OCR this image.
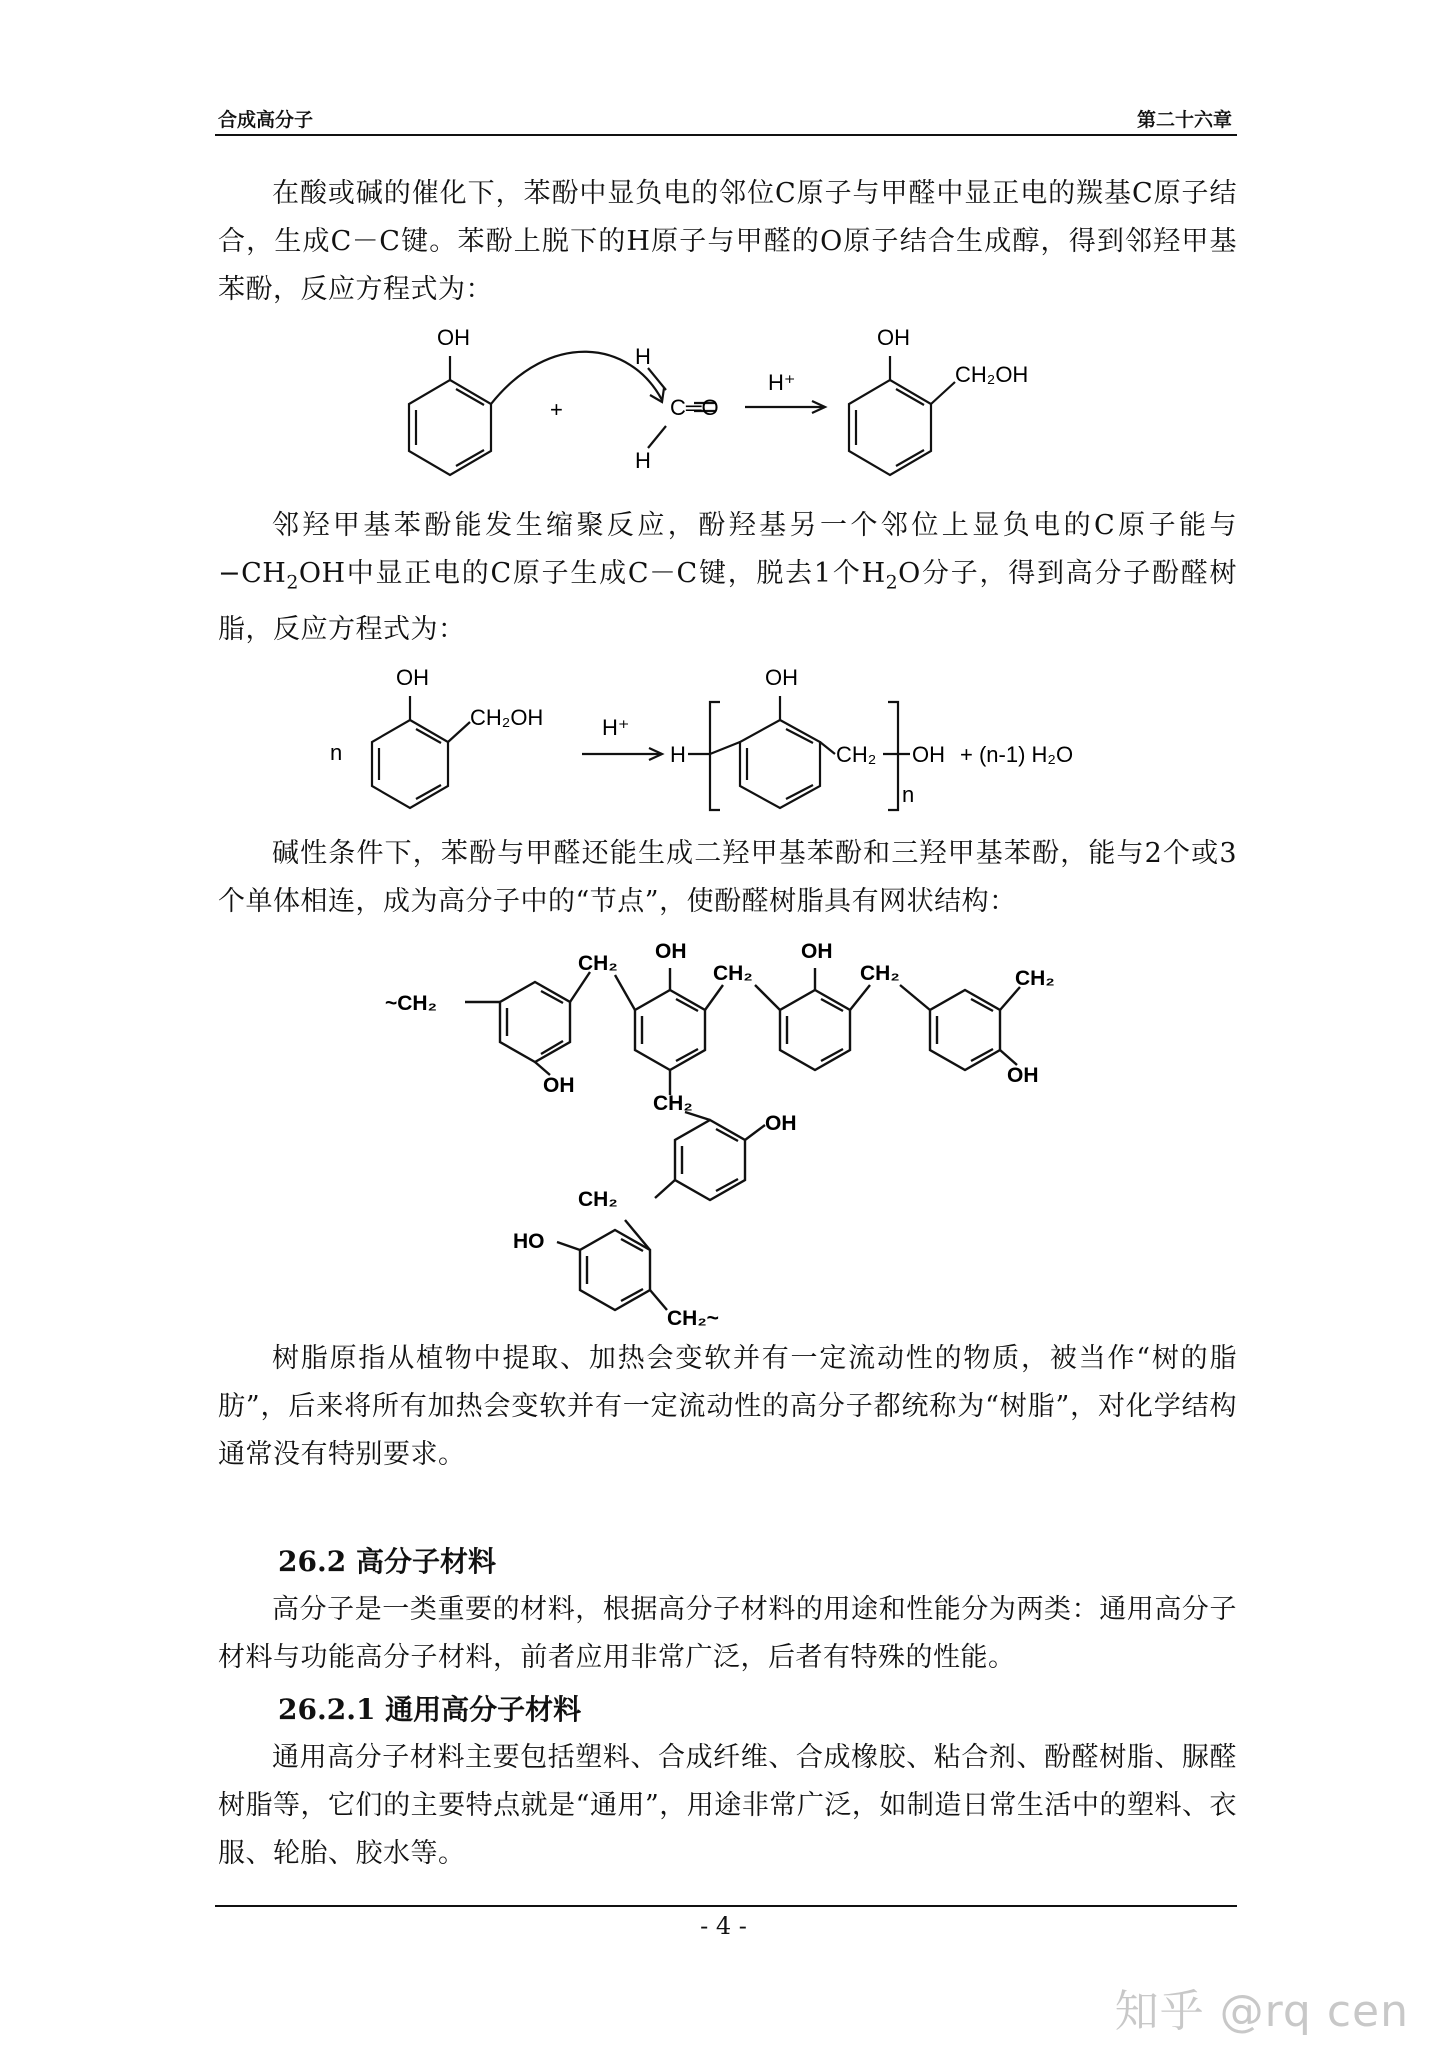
合成高分子	第二十六章

在酸或碱的催化下，苯酚中显负电的邻位C原子与甲醛中显正电的羰基C原子结合，生成C－C键。苯酚上脱下的H原子与甲醛的O原子结合生成醇，得到邻羟甲基苯酚，反应方程式为：

OH
+
H
C═O
H
H⁺
OH
CH₂OH

邻羟甲基苯酚能发生缩聚反应，酚羟基另一个邻位上显负电的C原子能与$-CH_2OH$中显正电的C原子生成C－C键，脱去1个$H_2O$分子，得到高分子酚醛树脂，反应方程式为：

n
OH
CH₂OH	H⁺
H
OH
CH₂
n
OH + (n-1) H₂O

碱性条件下，苯酚与甲醛还能生成二羟甲基苯酚和三羟甲基苯酚，能与2个或3个单体相连，成为高分子中的“节点”，使酚醛树脂具有网状结构：

~CH₂
CH₂	CH₂	CH₂	CH₂
CH₂
CH₂
CH₂~
OH
OH	OH
OH
OH
HO

树脂原指从植物中提取、加热会变软并有一定流动性的物质，被当作“树的脂肪”，后来将所有加热会变软并有一定流动性的高分子都统称为“树脂”，对化学结构通常没有特别要求。

26.2 高分子材料

高分子是一类重要的材料，根据高分子材料的用途和性能分为两类：通用高分子材料与功能高分子材料，前者应用非常广泛，后者有特殊的性能。

26.2.1 通用高分子材料

通用高分子材料主要包括塑料、合成纤维、合成橡胶、粘合剂、酚醛树脂、脲醛树脂等，它们的主要特点就是“通用”，用途非常广泛，如制造日常生活中的塑料、衣服、轮胎、胶水等。

- 4 -
知乎 @rq cen
